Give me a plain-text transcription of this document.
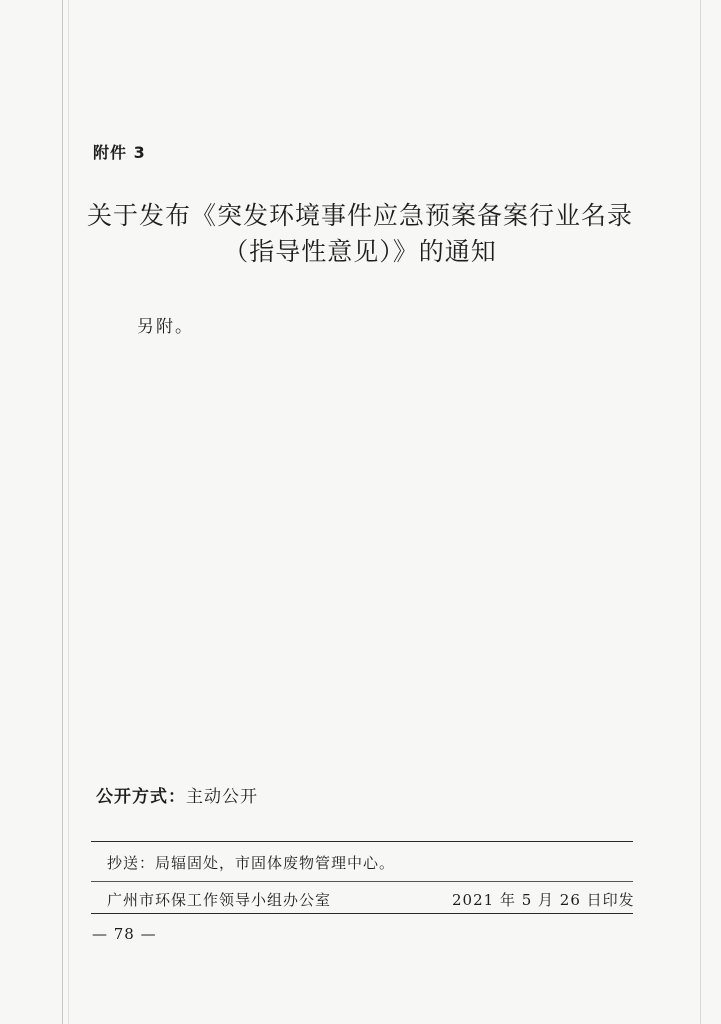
附件 3
关于发布《突发环境事件应急预案备案行业名录
（指导性意见）》的通知
另附。
公开方式：主动公开
抄送：局辐固处，市固体废物管理中心。
广州市环保工作领导小组办公室	2021 年 5 月 26 日印发
— 78 —
